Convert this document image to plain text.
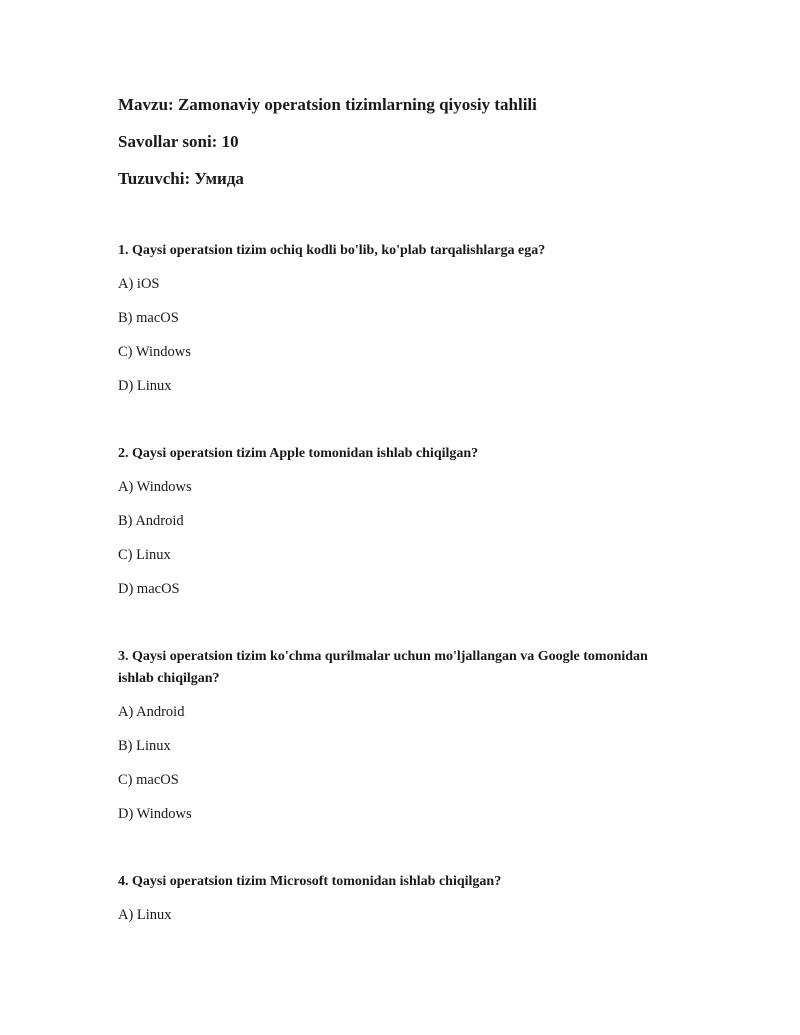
Mavzu: Zamonaviy operatsion tizimlarning qiyosiy tahlili
Savollar soni: 10
Tuzuvchi: Умида
1. Qaysi operatsion tizim ochiq kodli bo'lib, ko'plab tarqalishlarga ega?
A) iOS
B) macOS
C) Windows
D) Linux
2. Qaysi operatsion tizim Apple tomonidan ishlab chiqilgan?
A) Windows
B) Android
C) Linux
D) macOS
3. Qaysi operatsion tizim ko'chma qurilmalar uchun mo'ljallangan va Google tomonidan ishlab chiqilgan?
A) Android
B) Linux
C) macOS
D) Windows
4. Qaysi operatsion tizim Microsoft tomonidan ishlab chiqilgan?
A) Linux
